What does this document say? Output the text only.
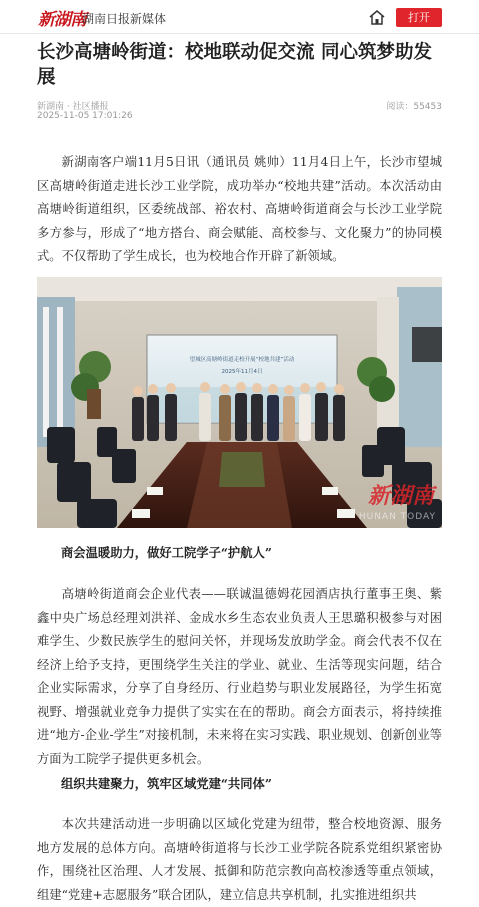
新湖南
湖南日报新媒体	打开
长沙高塘岭街道：校地联动促交流 同心筑梦助发展
新湖南 · 社区播报
2025-11-05 17:01:26
阅读：55453

新湖南客户端11月5日讯（通讯员 姚帅）11月4日上午，长沙市望城区高塘岭街道走进长沙工业学院，成功举办“校地共建”活动。本次活动由高塘岭街道组织，区委统战部、裕农村、高塘岭街道商会与长沙工业学院多方参与，形成了“地方搭台、商会赋能、高校参与、文化聚力”的协同模式。不仅帮助了学生成长，也为校地合作开辟了新领域。

望城区高塘岭街道走校开展“校地共建”活动
2025年11月4日
新湖南
HUNAN TODAY
商会温暖助力，做好工院学子“护航人”

高塘岭街道商会企业代表——联诚温德姆花园酒店执行董事王奥、紫鑫中央广场总经理刘洪祥、金成水乡生态农业负责人王思璐积极参与对困难学生、少数民族学生的慰问关怀，并现场发放助学金。商会代表不仅在经济上给予支持，更围绕学生关注的学业、就业、生活等现实问题，结合企业实际需求，分享了自身经历、行业趋势与职业发展路径，为学生拓宽视野、增强就业竞争力提供了实实在在的帮助。商会方面表示，将持续推进“地方-企业-学生”对接机制，未来将在实习实践、职业规划、创新创业等方面为工院学子提供更多机会。

组织共建聚力，筑牢区域党建“共同体”

本次共建活动进一步明确以区域化党建为纽带，整合校地资源、服务地方发展的总体方向。高塘岭街道将与长沙工业学院各院系党组织紧密协作，围绕社区治理、人才发展、抵御和防范宗教向高校渗透等重点领域，组建“党建+志愿服务”联合团队，建立信息共享机制，扎实推进组织共
